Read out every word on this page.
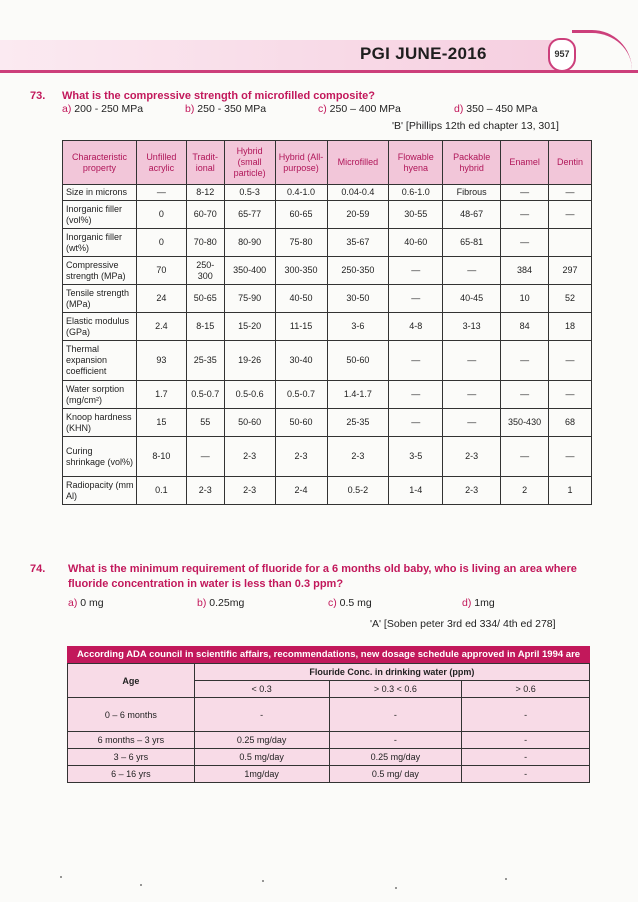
PGI JUNE-2016	957
73. What is the compressive strength of microfilled composite?
a) 200 - 250 MPa	b) 250 - 350 MPa	c) 250 – 400 MPa	d) 350 – 450 MPa
'B' [Phillips 12th ed chapter 13, 301]
Characteristic property	Unfilled acrylic	Tradit-ional	Hybrid (small particle)	Hybrid (All-purpose)	Microfilled	Flowable hyena	Packable hybrid	Enamel	Dentin
Size in microns	—	8-12	0.5-3	0.4-1.0	0.04-0.4	0.6-1.0	Fibrous	—	—
Inorganic filler (vol%)	0	60-70	65-77	60-65	20-59	30-55	48-67	—	—
Inorganic filler (wt%)	0	70-80	80-90	75-80	35-67	40-60	65-81	—	
Compressive strength (MPa)	70	250-300	350-400	300-350	250-350	—	—	384	297
Tensile strength (MPa)	24	50-65	75-90	40-50	30-50	—	40-45	10	52
Elastic modulus (GPa)	2.4	8-15	15-20	11-15	3-6	4-8	3-13	84	18
Thermal expansion coefficient	93	25-35	19-26	30-40	50-60	—	—	—	—
Water sorption (mg/cm²)	1.7	0.5-0.7	0.5-0.6	0.5-0.7	1.4-1.7	—	—	—	—
Knoop hardness (KHN)	15	55	50-60	50-60	25-35	—	—	350-430	68
Curing shrinkage (vol%)	8-10	—	2-3	2-3	2-3	3-5	2-3	—	—
Radiopacity (mm Al)	0.1	2-3	2-3	2-4	0.5-2	1-4	2-3	2	1
74. What is the minimum requirement of fluoride for a 6 months old baby, who is living an area where
fluoride concentration in water is less than 0.3 ppm?
a) 0 mg	b) 0.25mg	c) 0.5 mg	d) 1mg
'A' [Soben peter 3rd ed 334/ 4th ed 278]
According ADA council in scientific affairs, recommendations, new dosage schedule approved in April 1994 are
Age	Flouride Conc. in drinking water (ppm)		
	< 0.3	> 0.3 < 0.6	> 0.6
0 – 6 months	-	-	-
6 months – 3 yrs	0.25 mg/day	-	-
3 – 6 yrs	0.5 mg/day	0.25 mg/day	-
6 – 16 yrs	1mg/day	0.5 mg/ day	-
